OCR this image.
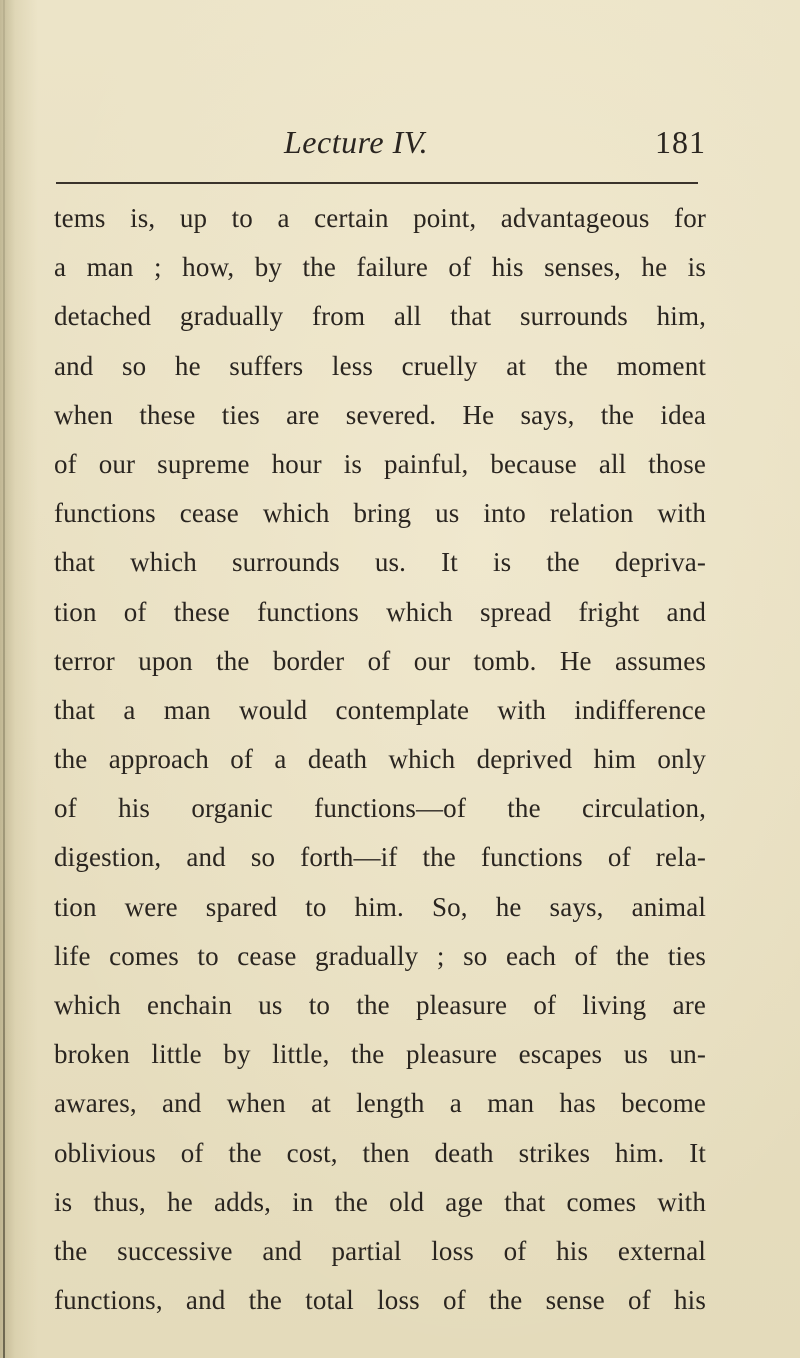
Lecture IV.	181
tems is, up to a certain point, advantageous for
a man ; how, by the failure of his senses, he is
detached gradually from all that surrounds him,
and so he suffers less cruelly at the moment
when these ties are severed. He says, the idea
of our supreme hour is painful, because all those
functions cease which bring us into relation with
that which surrounds us. It is the depriva-
tion of these functions which spread fright and
terror upon the border of our tomb. He assumes
that a man would contemplate with indifference
the approach of a death which deprived him only
of his organic functions—of the circulation,
digestion, and so forth—if the functions of rela-
tion were spared to him. So, he says, animal
life comes to cease gradually ; so each of the ties
which enchain us to the pleasure of living are
broken little by little, the pleasure escapes us un-
awares, and when at length a man has become
oblivious of the cost, then death strikes him. It
is thus, he adds, in the old age that comes with
the successive and partial loss of his external
functions, and the total loss of the sense of his
